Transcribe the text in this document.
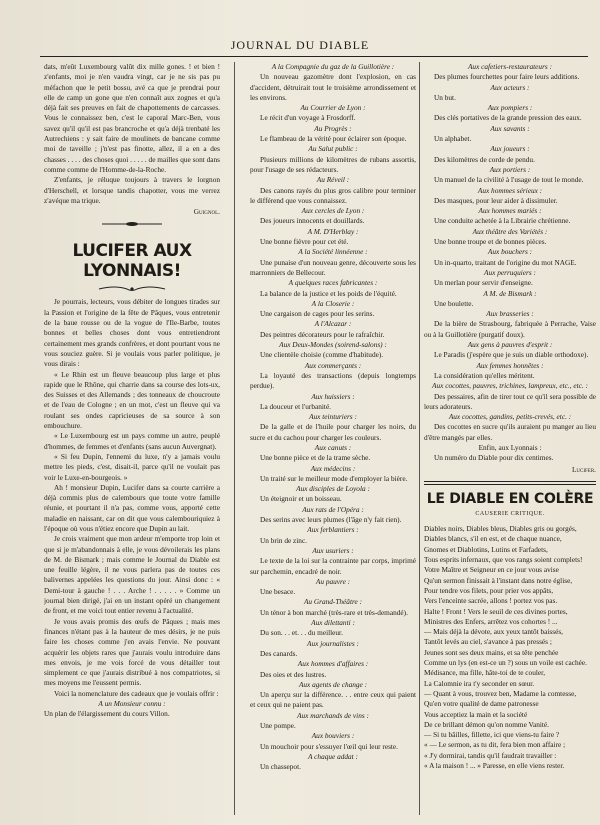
JOURNAL DU DIABLE

dats, m'eût Luxembourg valût dix mille gones. ! et bien ! z'enfants, moi je n'en vaudra vingt, car je ne sis pas pu méfachon que le petit bossu, avé ca que je prendrai pour elle de camp un gone que n'en connaît aux zognes et qu'a déjà fait ses preuves en fait de chapottements de carcasses. Vous le connaissez ben, c'est le caporal Marc-Ben, vous savez qu'il qu'il est pas brancroche et qu'a déjà trenbaté les Autrechiens : y sait faire de moulinets de bancane comme moi de taveille ; j'n'est pas finotte, allez, il a en a des chasses . . . . des choses quoi . . . . . de mailles que sont dans comme comme de l'Homme-de-la-Roche.

Z'enfants, je réluque toujours à travers le lorgnon d'Herschell, et lorsque tandis chapotter, vous me verrez z'avéque ma trique.

Guignol.

LUCIFER AUX LYONNAIS!

Je pourrais, lecteurs, vous débiter de longues tirades sur la Passion et l'origine de la fête de Pâques, vous entretenir de la baue rousse ou de la vogue de l'Ile-Barbe, toutes bonnes et belles choses dont vous entretiendront certainement mes grands confrères, et dont pourtant vous ne vous souciez guère. Si je voulais vous parler politique, je vous dirais :

« Le Rhin est un fleuve beaucoup plus large et plus rapide que le Rhône, qui charrie dans sa course des lots-ux, des Suisses et des Allemands ; des tonneaux de choucroute et de l'eau de Cologne ; en un mot, c'est un fleuve qui va roulant ses ondes capricieuses de sa source à son embouchure.

« Le Luxembourg est un pays comme un autre, peuplé d'hommes, de femmes et d'enfants (sans aucun Auvergnat).

« Si feu Dupin, l'ennemi du luxe, n'y a jamais voulu mettre les pieds, c'est, disait-il, parce qu'il ne voulait pas voir le Luxe-en-bourgeois. »

Ah ! monsieur Dupin, Lucifer dans sa courte carrière a déjà commis plus de calembours que toute votre famille réunie, et pourtant il n'a pas, comme vous, apporté cette maladie en naissant, car on dit que vous calembouriquiez à l'époque où vous n'étiez encore que Dupin au lait.

Je crois vraiment que mon ardeur m'emporte trop loin et que si je m'abandonnais à elle, je vous dévoilerais les plans de M. de Bismark ; mais comme le Journal du Diable est une feuille légère, il ne vous parlera pas de toutes ces balivernes appelées les questions du jour. Ainsi donc : « Demi-tour à gauche ! . . . Arche ! . . . . . » Comme un journal bien dirigé, j'ai en un instant opéré un changement de front, et me voici tout entier revenu à l'actualité.

Je vous avais promis des œufs de Pâques ; mais mes finances n'étant pas à la hauteur de mes désirs, je ne puis faire les choses comme j'en avais l'envie. Ne pouvant acquérir les objets rares que j'aurais voulu introduire dans mes envois, je me vois forcé de vous détailler tout simplement ce que j'aurais distribué à nos compatriotes, si mes moyens me l'eussent permis.

Voici la nomenclature des cadeaux que je voulais offrir :

A un Monsieur connu :

Un plan de l'élargissement du cours Villon.

A la Compagnie du gaz de la Guillotière :

Un nouveau gazomètre dont l'explosion, en cas d'accident, détruirait tout le troisième arrondissement et les environs.

Au Courrier de Lyon :

Le récit d'un voyage à Frosdorff.

Au Progrès :

Le flambeau de la vérité pour éclairer son époque.

Au Salut public :

Plusieurs millions de kilomètres de rubans assortis, pour l'usage de ses rédacteurs.

Au Réveil :

Des canons rayés du plus gros calibre pour terminer le différend que vous connaissez.

Aux cercles de Lyon :

Des joueurs innocents et douillards.

A M. D'Herblay :

Une bonne fièvre pour cet été.

A la Société linnéenne :

Une punaise d'un nouveau genre, découverte sous les marronniers de Bellecour.

A quelques races fabricantes :

La balance de la justice et les poids de l'équité.

A la Closerie :

Une cargaison de cages pour les serins.

A l'Alcazar :

Des peintres décorateurs pour le rafraîchir.

Aux Deux-Mondes (soirend-salons) :

Une clientèle choisie (comme d'habitude).

Aux commerçants :

La loyauté des transactions (depuis longtemps perdue).

Aux huissiers :

La douceur et l'urbanité.

Aux teinturiers :

De la galle et de l'huile pour charger les noirs, du sucre et du cachou pour charger les couleurs.

Aux canuts :

Une bonne pièce et de la trame sèche.

Aux médecins :

Un traité sur le meilleur mode d'employer la bière.

Aux disciples de Loyola :

Un éteignoir et un boisseau.

Aux rats de l'Opéra :

Des serins avec leurs plumes (l'âge n'y fait rien).

Aux ferblantiers :

Un brin de zinc.

Aux usuriers :

Le texte de la loi sur la contrainte par corps, imprimé sur parchemin, encadré de noir.

Au pauvre :

Une besace.

Au Grand-Théâtre :

Un ténor à bon marché (très-rare et très-demandé).

Aux dilettanti :

Du son. . . et. . . du meilleur.

Aux journalistes :

Des canards.

Aux hommes d'affaires :

Des oies et des lustres.

Aux agents de change :

Un aperçu sur la différence. . . entre ceux qui paient et ceux qui ne paient pas.

Aux marchands de vins :

Une pompe.

Aux bouviers :

Un mouchoir pour s'essuyer l'œil qui leur reste.

A chaque addat :

Un chassepot.

Aux cafetiers-restaurateurs :

Des plumes fourchettes pour faire leurs additions.

Aux acteurs :

Un but.

Aux pompiers :

Des clés portatives de la grande pression des eaux.

Aux savants :

Un alphabet.

Aux joueurs :

Des kilomètres de corde de pendu.

Aux portiers :

Un manuel de la civilité à l'usage de tout le monde.

Aux hommes sérieux :

Des masques, pour leur aider à dissimuler.

Aux hommes mariés :

Une conduite achetée à la Librairie chrétienne.

Aux théâtre des Variétés :

Une bonne troupe et de bonnes pièces.

Aux bouchers :

Un in-quarto, traitant de l'origine du mot NAGE.

Aux perruquiers :

Un merlan pour servir d'enseigne.

A M. de Bismark :

Une boulette.

Aux brasseries :

De la bière de Strasbourg, fabriquée à Perrache, Vaise ou à la Guillotière (purgatif doux).

Aux gens à pauvres d'esprit :

Le Paradis (j'espère que je suis un diable orthodoxe).

Aux femmes honnêtes :

La considération qu'elles méritent.

Aux cocottes, pauvres, trichines, lampreux, etc., etc. :

Des pessaires, afin de tirer tout ce qu'il sera possible de leurs adorateurs.

Aux cocottes, gandins, petits-crevés, etc. :

Des cocottes en sucre qu'ils auraient pu manger au lieu d'être mangés par elles.

Enfin, aux Lyonnais :

Un numéro du Diable pour dix centimes.

Lucifer.

LE DIABLE EN COLÈRE
CAUSERIE CRITIQUE.

Diables noirs, Diables bleus, Diables gris ou gorgés,

Diables blancs, s'il en est, et de chaque nuance,

Gnomes et Diablotins, Lutins et Farfadets,

Tous esprits infernaux, que vos rangs soient complets!

Votre Maître et Seigneur en ce jour vous avise

Qu'un sermon finissait à l'instant dans notre église,

Pour tendre vos filets, pour prier vos appâts,

Vers l'enceinte sacrée, allons ! portez vos pas.

Halte ! Front ! Vers le seuil de ces divines portes,

Ministres des Enfers, arrêtez vos cohortes ! ...

— Mais déjà la dévote, aux yeux tantôt baissés,

Tantôt levés au ciel, s'avance à pas pressés ;

Jeunes sont ses deux mains, et sa tête penchée

Comme un lys (en est-ce un ?) sous un voile est cachée.

Médisance, ma fille, hâte-toi de te couler,

La Calomnie ira t'y seconder en sœur.

— Quant à vous, trouvez ben, Madame la comtesse,

Qu'en votre qualité de dame patronesse

Vous acceptiez la main et la société

De ce brillant démon qu'on nomme Vanité.

— Si tu bâilles, fillette, ici que viens-tu faire ?

« — Le sermon, as tu dit, fera bien mon affaire ;

« J'y dormirai, tandis qu'il faudrait travailler :

« A la maison ! ... » Paresse, en elle viens rester.
